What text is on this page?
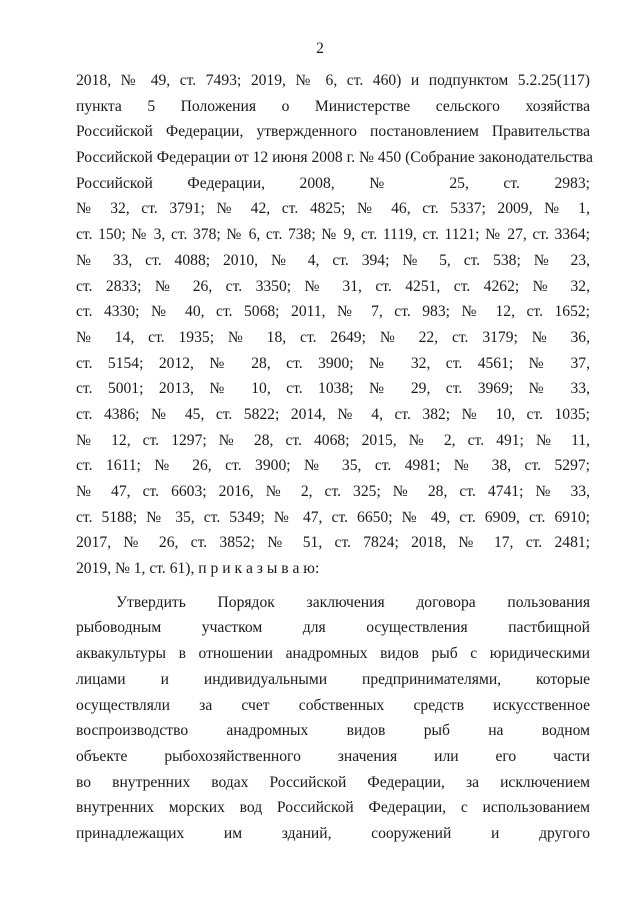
2
2018, № 49, ст. 7493; 2019, № 6, ст. 460) и подпунктом 5.2.25(117)
пункта 5 Положения о Министерстве сельского хозяйства
Российской Федерации, утвержденного постановлением Правительства
Российской Федерации от 12 июня 2008 г. № 450 (Собрание законодательства
Российской Федерации, 2008, № 25, ст. 2983;
№ 32, ст. 3791; № 42, ст. 4825; № 46, ст. 5337; 2009, № 1,
ст. 150; № 3, ст. 378; № 6, ст. 738; № 9, ст. 1119, ст. 1121; № 27, ст. 3364;
№ 33, ст. 4088; 2010, № 4, ст. 394; № 5, ст. 538; № 23,
ст. 2833; № 26, ст. 3350; № 31, ст. 4251, ст. 4262; № 32,
ст. 4330; № 40, ст. 5068; 2011, № 7, ст. 983; № 12, ст. 1652;
№ 14, ст. 1935; № 18, ст. 2649; № 22, ст. 3179; № 36,
ст. 5154; 2012, № 28, ст. 3900; № 32, ст. 4561; № 37,
ст. 5001; 2013, № 10, ст. 1038; № 29, ст. 3969; № 33,
ст. 4386; № 45, ст. 5822; 2014, № 4, ст. 382; № 10, ст. 1035;
№ 12, ст. 1297; № 28, ст. 4068; 2015, № 2, ст. 491; № 11,
ст. 1611; № 26, ст. 3900; № 35, ст. 4981; № 38, ст. 5297;
№ 47, ст. 6603; 2016, № 2, ст. 325; № 28, ст. 4741; № 33,
ст. 5188; № 35, ст. 5349; № 47, ст. 6650; № 49, ст. 6909, ст. 6910;
2017, № 26, ст. 3852; № 51, ст. 7824; 2018, № 17, ст. 2481;
2019, № 1, ст. 61), п р и к а з ы в а ю:
Утвердить Порядок заключения договора пользования
рыбоводным участком для осуществления пастбищной
аквакультуры в отношении анадромных видов рыб с юридическими
лицами и индивидуальными предпринимателями, которые
осуществляли за счет собственных средств искусственное
воспроизводство анадромных видов рыб на водном
объекте рыбохозяйственного значения или его части
во внутренних водах Российской Федерации, за исключением
внутренних морских вод Российской Федерации, с использованием
принадлежащих им зданий, сооружений и другого
